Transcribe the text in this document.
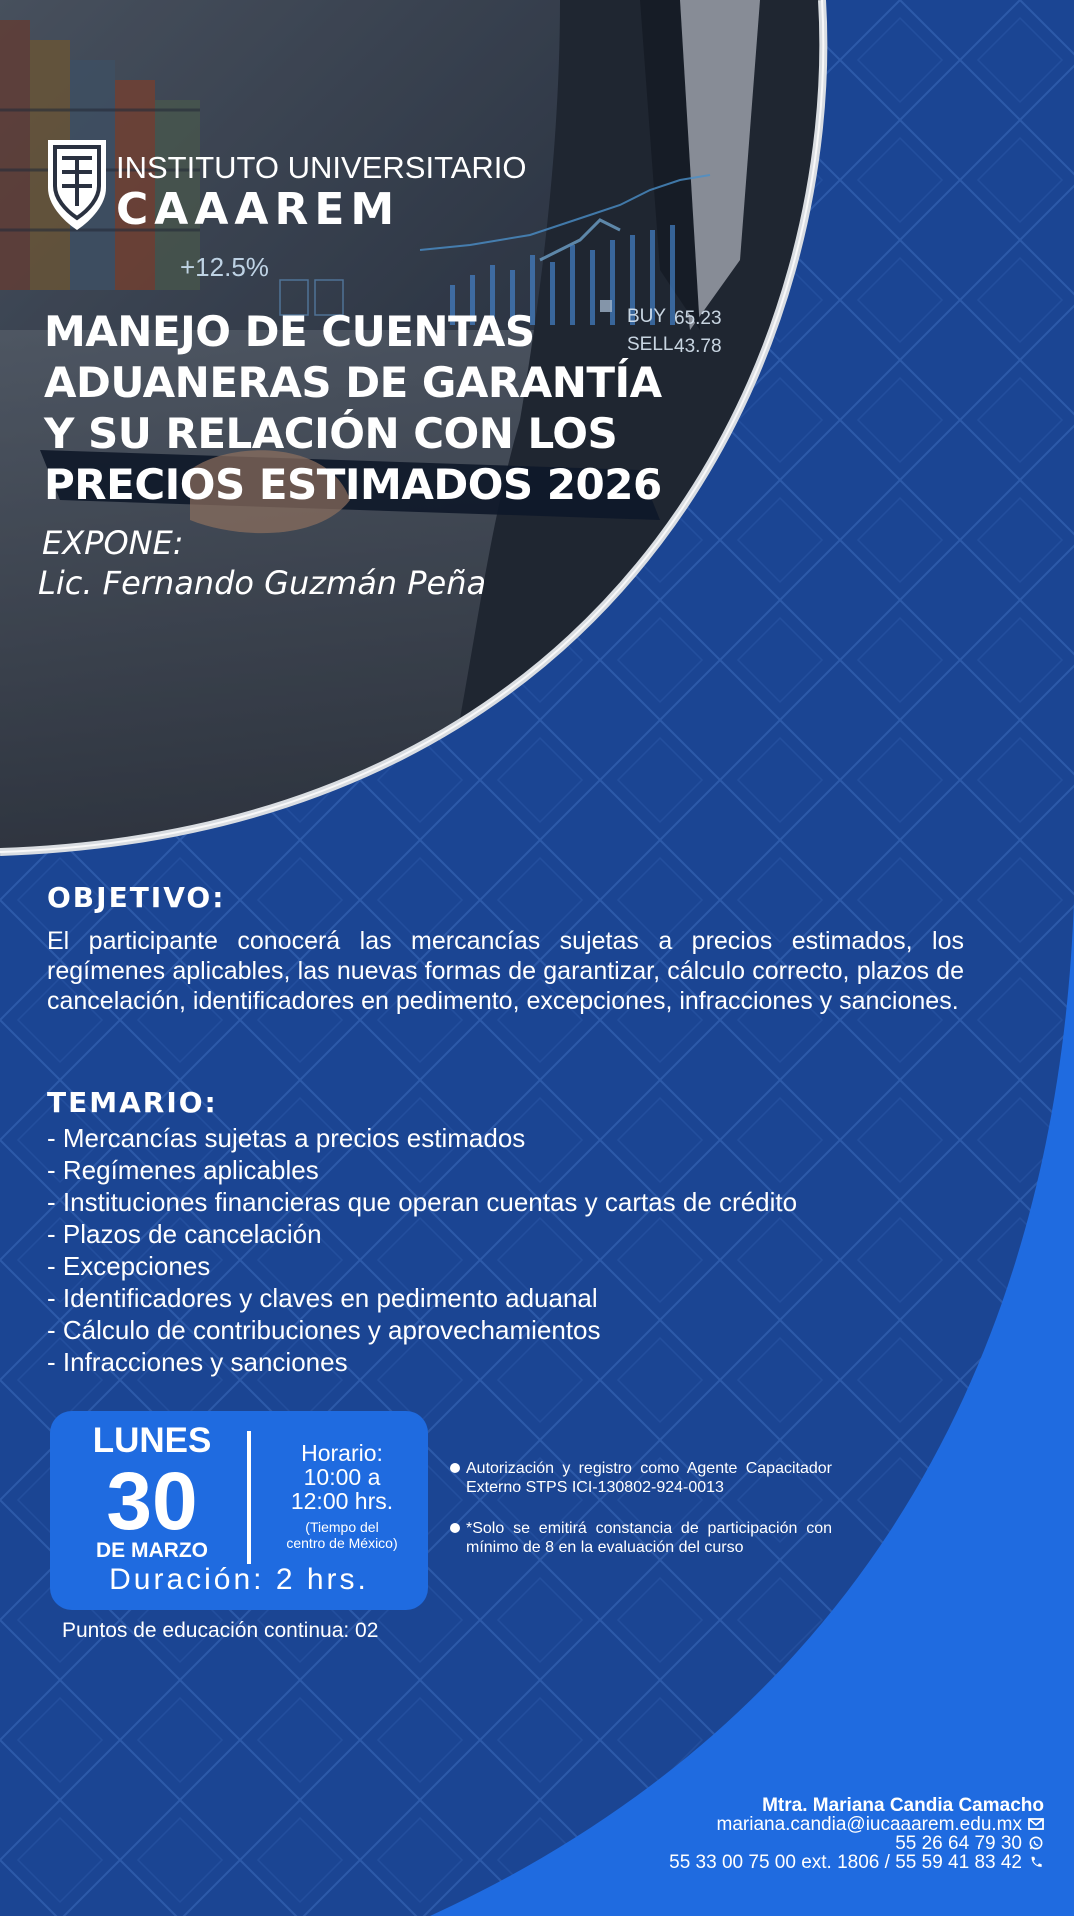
+12.5%
BUY 65.23
SELL 43.78
INSTITUTO UNIVERSITARIO
CAAAREM
MANEJO DE CUENTAS
ADUANERAS DE GARANTÍA
Y SU RELACIÓN CON LOS
PRECIOS ESTIMADOS 2026
EXPONE:
Lic. Fernando Guzmán Peña
OBJETIVO:
El participante conocerá las mercancías sujetas a precios estimados, los regímenes aplicables, las nuevas formas de garantizar, cálculo correcto, plazos de cancelación, identificadores en pedimento, excepciones, infracciones y sanciones.
TEMARIO:
- Mercancías sujetas a precios estimados
- Regímenes aplicables
- Instituciones financieras que operan cuentas y cartas de crédito
- Plazos de cancelación
- Excepciones
- Identificadores y claves en pedimento aduanal
- Cálculo de contribuciones y aprovechamientos
- Infracciones y sanciones
LUNES
30
DE MARZO
Horario:
10:00 a
12:00 hrs.
(Tiempo del
centro de México)
Duración: 2 hrs.
Autorización y registro como Agente Capacitador Externo STPS ICI-130802-924-0013
*Solo se emitirá constancia de participación con mínimo de 8 en la evaluación del curso
Puntos de educación continua: 02
Mtra. Mariana Candia Camacho
mariana.candia@iucaaarem.edu.mx
55 26 64 79 30
55 33 00 75 00 ext. 1806 / 55 59 41 83 42
